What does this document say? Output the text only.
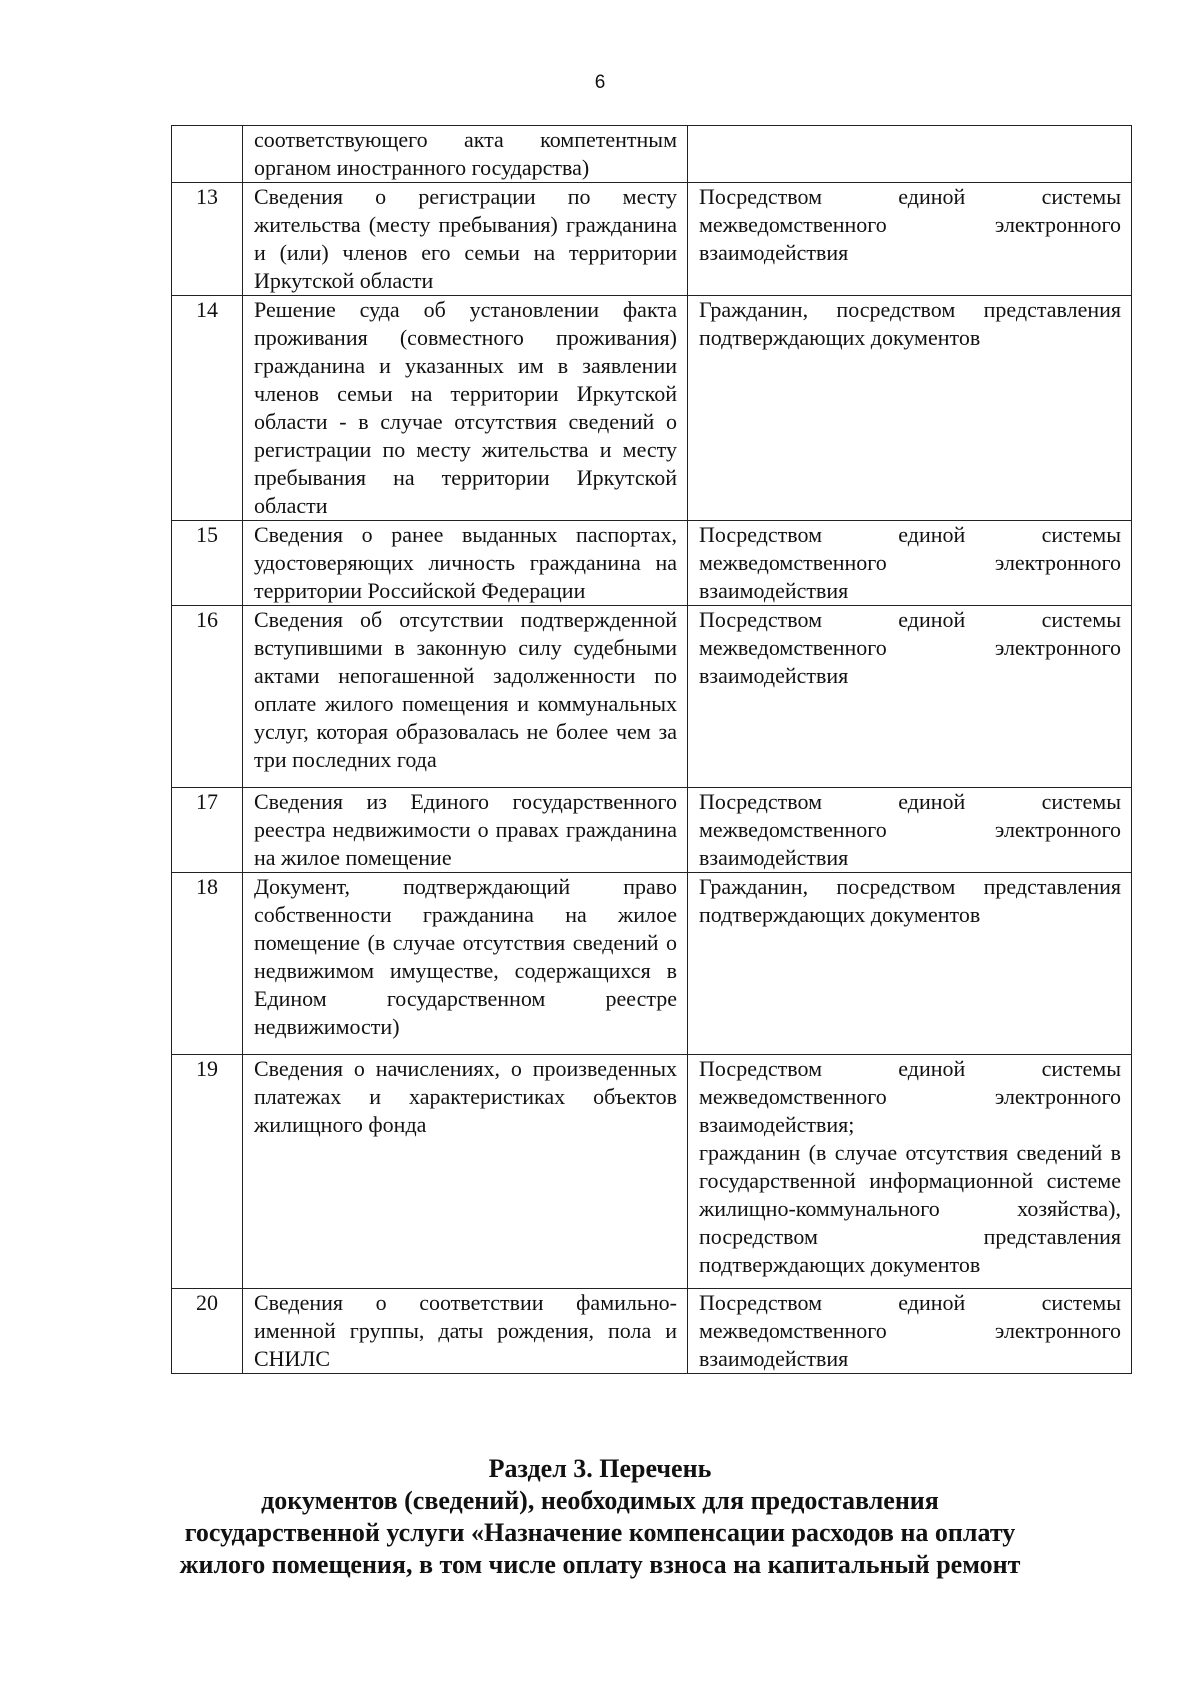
6

	соответствующего акта компетентным органом иностранного государства)	

13	Сведения о регистрации по месту жительства (месту пребывания) гражданина и (или) членов его семьи на территории Иркутской области	Посредством единой системы межведомственного электронного взаимодействия

14	Решение суда об установлении факта проживания (совместного проживания) гражданина и указанных им в заявлении членов семьи на территории Иркутской области - в случае отсутствия сведений о регистрации по месту жительства и месту пребывания на территории Иркутской области	Гражданин, посредством представления подтверждающих документов

15	Сведения о ранее выданных паспортах, удостоверяющих личность гражданина на территории Российской Федерации	Посредством единой системы межведомственного электронного взаимодействия

16	Сведения об отсутствии подтвержденной вступившими в законную силу судебными актами непогашенной задолженности по оплате жилого помещения и коммунальных услуг, которая образовалась не более чем за три последних года	Посредством единой системы межведомственного электронного взаимодействия

17	Сведения из Единого государственного реестра недвижимости о правах гражданина на жилое помещение	Посредством единой системы межведомственного электронного взаимодействия

18	Документ, подтверждающий право собственности гражданина на жилое помещение (в случае отсутствия сведений о недвижимом имуществе, содержащихся в Едином государственном реестре недвижимости)	Гражданин, посредством представления подтверждающих документов

19	Сведения о начислениях, о произведенных платежах и характеристиках объектов жилищного фонда	Посредством единой системы межведомственного электронного взаимодействия;
гражданин (в случае отсутствия сведений в государственной информационной системе жилищно-коммунального хозяйства), посредством представления подтверждающих документов

20	Сведения о соответствии фамильно-именной группы, даты рождения, пола и СНИЛС	Посредством единой системы межведомственного электронного взаимодействия
Раздел 3. Перечень
документов (сведений), необходимых для предоставления
государственной услуги «Назначение компенсации расходов на оплату
жилого помещения, в том числе оплату взноса на капитальный ремонт
